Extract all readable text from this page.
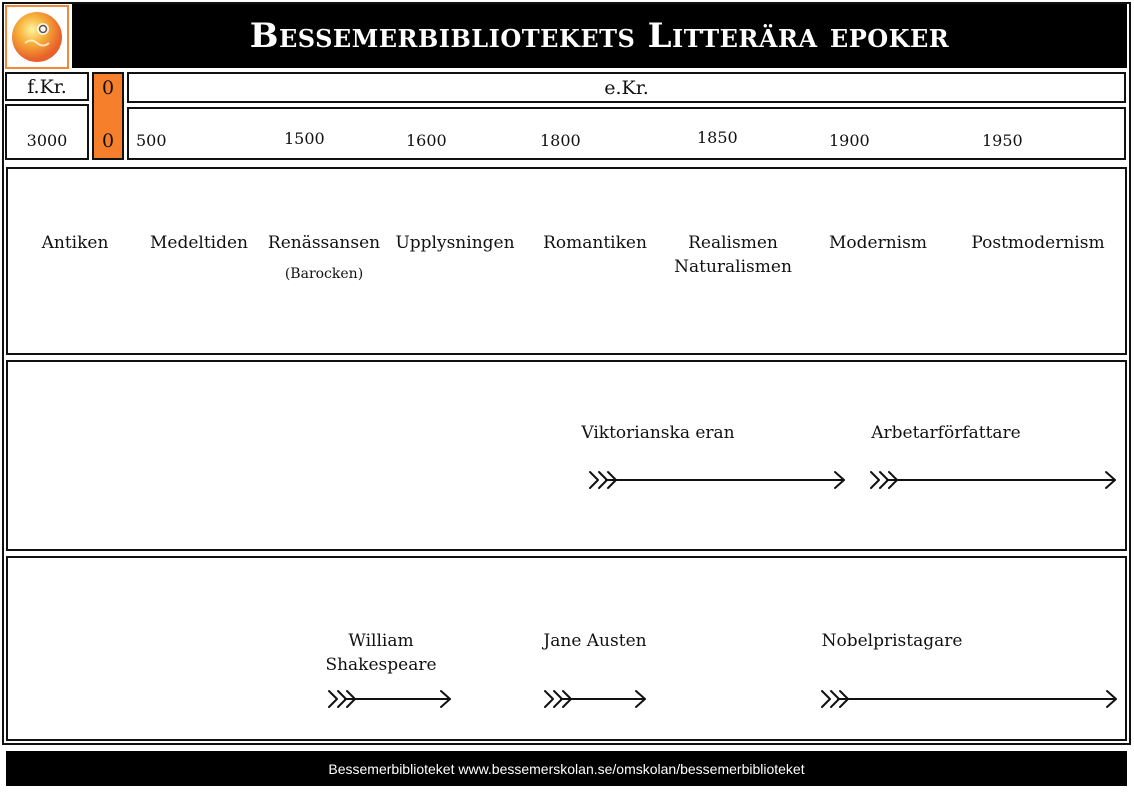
Bessemerbibliotekets Litterära epoker
f.Kr.	0
0
e.Kr.
3000	500	1500	1600	1800	1850	1900	1950
Antiken	Medeltiden	Renässansen
(Barocken)
Upplysningen	Romantiken	Realismen
Naturalismen
Modernism	Postmodernism
Viktorianska eran	Arbetarförfattare
William
Shakespeare
Jane Austen	Nobelpristagare
Bessemerbiblioteket www.bessemerskolan.se/omskolan/bessemerbiblioteket
